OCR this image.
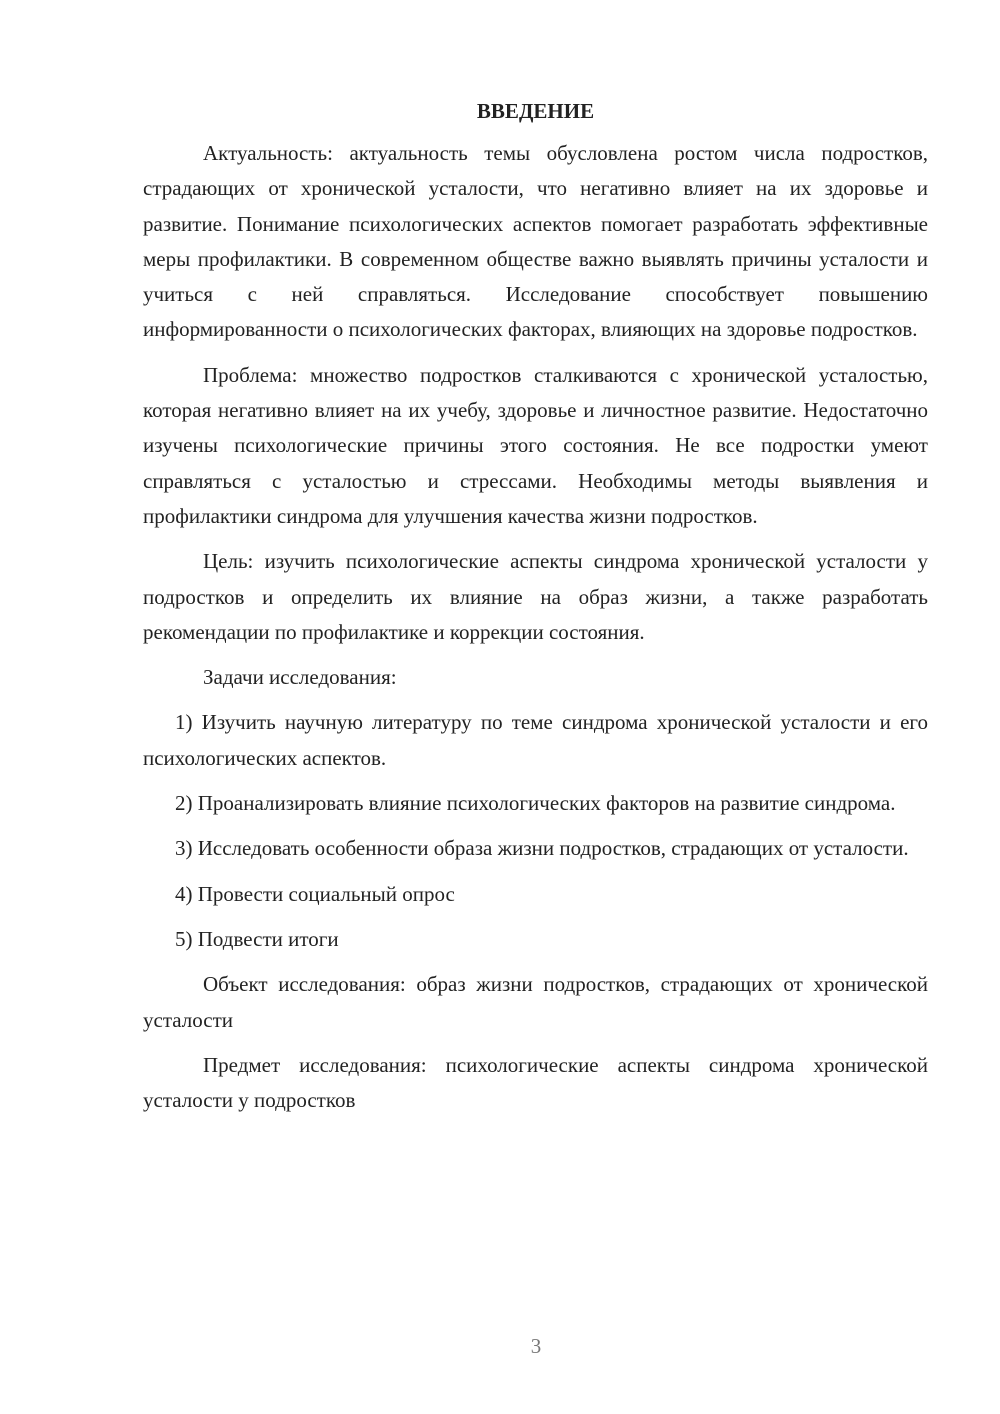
ВВЕДЕНИЕ

Актуальность: актуальность темы обусловлена ростом числа подростков, страдающих от хронической усталости, что негативно влияет на их здоровье и развитие. Понимание психологических аспектов помогает разработать эффективные меры профилактики. В современном обществе важно выявлять причины усталости и учиться с ней справляться. Исследование способствует повышению информированности о психологических факторах, влияющих на здоровье подростков.

Проблема: множество подростков сталкиваются с хронической усталостью, которая негативно влияет на их учебу, здоровье и личностное развитие. Недостаточно изучены психологические причины этого состояния. Не все подростки умеют справляться с усталостью и стрессами. Необходимы методы выявления и профилактики синдрома для улучшения качества жизни подростков.

Цель: изучить психологические аспекты синдрома хронической усталости у подростков и определить их влияние на образ жизни, а также разработать рекомендации по профилактике и коррекции состояния.

Задачи исследования:

1) Изучить научную литературу по теме синдрома хронической усталости и его психологических аспектов.

2) Проанализировать влияние психологических факторов на развитие синдрома.

3) Исследовать особенности образа жизни подростков, страдающих от усталости.

4) Провести социальный опрос

5) Подвести итоги

Объект исследования: образ жизни подростков, страдающих от хронической усталости

Предмет исследования: психологические аспекты синдрома хронической усталости у подростков

3
